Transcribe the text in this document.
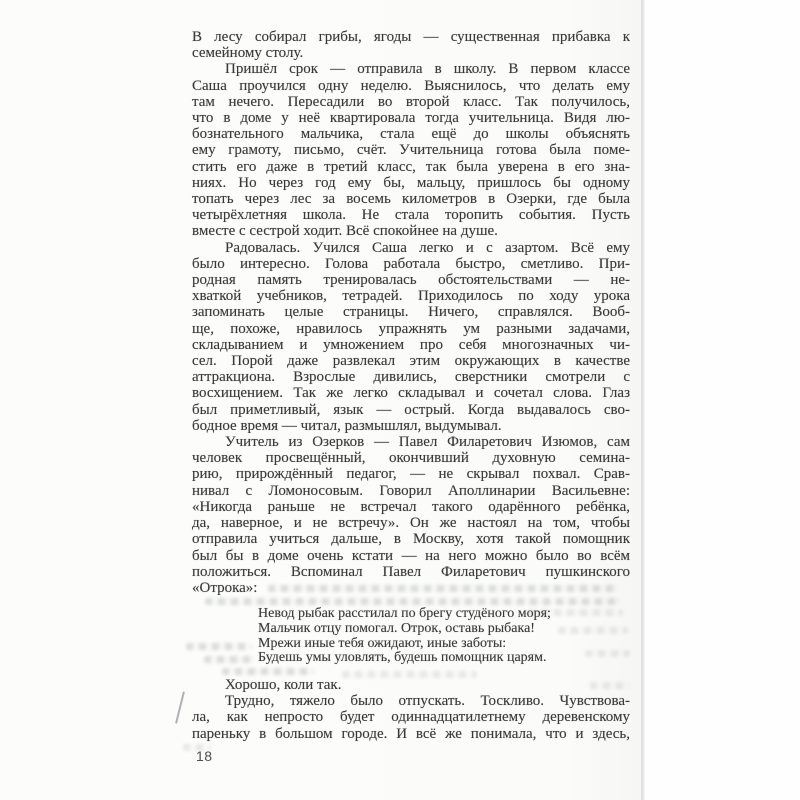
В лесу собирал грибы, ягоды — существенная прибавка к
семейному столу.
Пришёл срок — отправила в школу. В первом классе
Саша проучился одну неделю. Выяснилось, что делать ему
там нечего. Пересадили во второй класс. Так получилось,
что в доме у неё квартировала тогда учительница. Видя лю-
бознательного мальчика, стала ещё до школы объяснять
ему грамоту, письмо, счёт. Учительница готова была поме-
стить его даже в третий класс, так была уверена в его зна-
ниях. Но через год ему бы, мальцу, пришлось бы одному
топать через лес за восемь километров в Озерки, где была
четырёхлетняя школа. Не стала торопить события. Пусть
вместе с сестрой ходит. Всё спокойнее на душе.
Радовалась. Учился Саша легко и с азартом. Всё ему
было интересно. Голова работала быстро, сметливо. При-
родная память тренировалась обстоятельствами — не-
хваткой учебников, тетрадей. Приходилось по ходу урока
запоминать целые страницы. Ничего, справлялся. Вооб-
ще, похоже, нравилось упражнять ум разными задачами,
складыванием и умножением про себя многозначных чи-
сел. Порой даже развлекал этим окружающих в качестве
аттракциона. Взрослые дивились, сверстники смотрели с
восхищением. Так же легко складывал и сочетал слова. Глаз
был приметливый, язык — острый. Когда выдавалось сво-
бодное время — читал, размышлял, выдумывал.
Учитель из Озерков — Павел Филаретович Изюмов, сам
человек просвещённый, окончивший духовную семина-
рию, прирождённый педагог, — не скрывал похвал. Срав-
нивал с Ломоносовым. Говорил Аполлинарии Васильевне:
«Никогда раньше не встречал такого одарённого ребёнка,
да, наверное, и не встречу». Он же настоял на том, чтобы
отправила учиться дальше, в Москву, хотя такой помощник
был бы в доме очень кстати — на него можно было во всём
положиться. Вспоминал Павел Филаретович пушкинского
«Отрока»:
Невод рыбак расстилал по брегу студёного моря;
Мальчик отцу помогал. Отрок, оставь рыбака!
Мрежи иные тебя ожидают, иные заботы:
Будешь умы уловлять, будешь помощник царям.
Хорошо, коли так.
Трудно, тяжело было отпускать. Тоскливо. Чувствова-
ла, как непросто будет одиннадцатилетнему деревенскому
пареньку в большом городе. И всё же понимала, что и здесь,
18
